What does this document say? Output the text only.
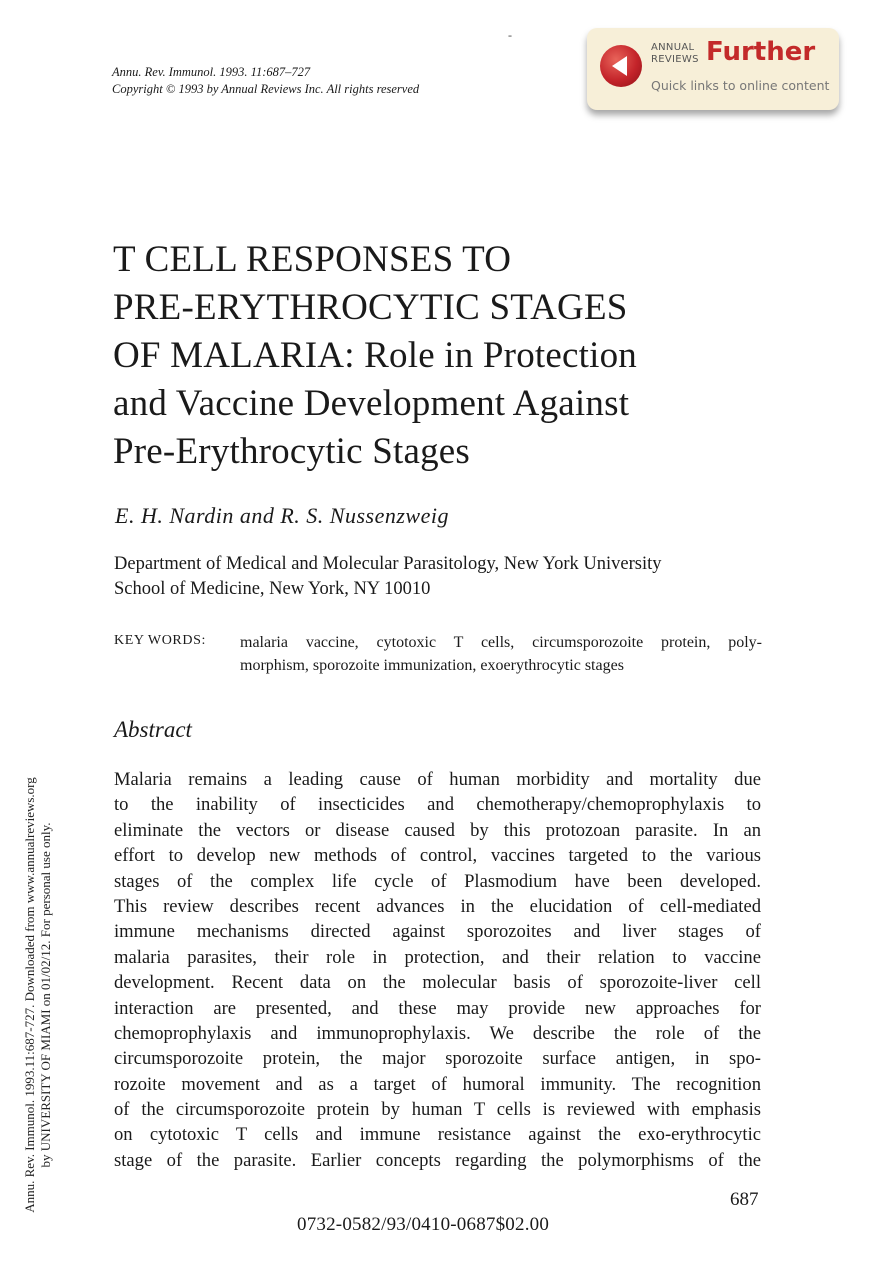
-
Annu. Rev. Immunol. 1993. 11:687–727
Copyright © 1993 by Annual Reviews Inc. All rights reserved
ANNUAL
REVIEWS Further
Quick links to online content
Annu. Rev. Immunol. 1993.11:687-727. Downloaded from www.annualreviews.org by UNIVERSITY OF MIAMI on 01/02/12. For personal use only.
T CELL RESPONSES TO
PRE-ERYTHROCYTIC STAGES
OF MALARIA: Role in Protection
and Vaccine Development Against
Pre-Erythrocytic Stages
E. H. Nardin and R. S. Nussenzweig
Department of Medical and Molecular Parasitology, New York University
School of Medicine, New York, NY 10010
KEY WORDS: malaria vaccine, cytotoxic T cells, circumsporozoite protein, poly-
morphism, sporozoite immunization, exoerythrocytic stages
Abstract
Malaria remains a leading cause of human morbidity and mortality due
to the inability of insecticides and chemotherapy/chemoprophylaxis to
eliminate the vectors or disease caused by this protozoan parasite. In an
effort to develop new methods of control, vaccines targeted to the various
stages of the complex life cycle of Plasmodium have been developed.
This review describes recent advances in the elucidation of cell-mediated
immune mechanisms directed against sporozoites and liver stages of
malaria parasites, their role in protection, and their relation to vaccine
development. Recent data on the molecular basis of sporozoite-liver cell
interaction are presented, and these may provide new approaches for
chemoprophylaxis and immunoprophylaxis. We describe the role of the
circumsporozoite protein, the major sporozoite surface antigen, in spo-
rozoite movement and as a target of humoral immunity. The recognition
of the circumsporozoite protein by human T cells is reviewed with emphasis
on cytotoxic T cells and immune resistance against the exo-erythrocytic
stage of the parasite. Earlier concepts regarding the polymorphisms of the
687
0732-0582/93/0410-0687$02.00
